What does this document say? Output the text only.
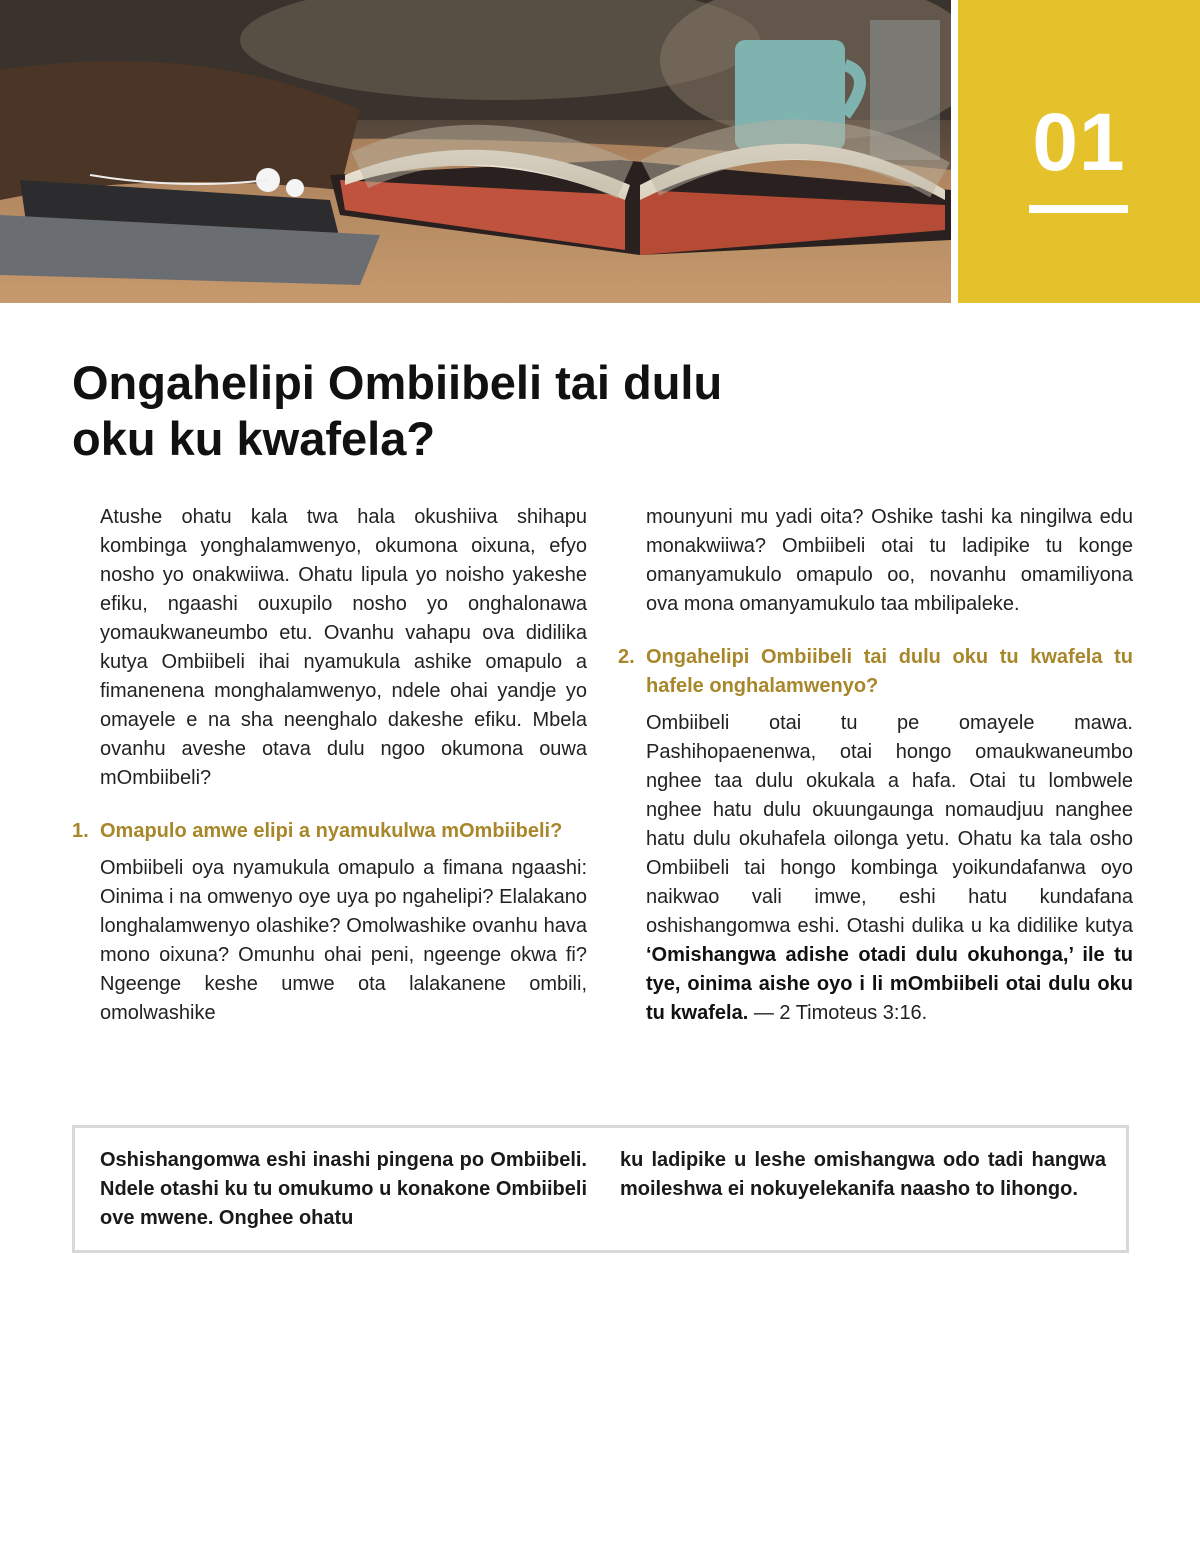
01
Ongahelipi Ombiibeli tai dulu oku ku kwafela?

Atushe ohatu kala twa hala okushiiva shihapu kombinga yonghalamwenyo, okumona oixuna, efyo nosho yo onakwiiwa. Ohatu lipula yo noisho yakeshe efiku, ngaashi ouxupilo nosho yo onghalonawa yomaukwaneumbo etu. Ovanhu vahapu ova didilika kutya Ombiibeli ihai nyamukula ashike omapulo a fimanenena monghalamwenyo, ndele ohai yandje yo omayele e na sha neenghalo dakeshe efiku. Mbela ovanhu aveshe otava dulu ngoo okumona ouwa mOmbiibeli?

1. Omapulo amwe elipi a nyamukulwa mOmbiibeli?

Ombiibeli oya nyamukula omapulo a fimana ngaashi: Oinima i na omwenyo oye uya po ngahelipi? Elalakano longhalamwenyo olashike? Omolwashike ovanhu hava mono oixuna? Omunhu ohai peni, ngeenge okwa fi? Ngeenge keshe umwe ota lalakanene ombili, omolwashike

mounyuni mu yadi oita? Oshike tashi ka ningilwa edu monakwiiwa? Ombiibeli otai tu ladipike tu konge omanyamukulo omapulo oo, novanhu omamiliyona ova mona omanyamukulo taa mbilipaleke.

2. Ongahelipi Ombiibeli tai dulu oku tu kwafela tu hafele onghalamwenyo?

Ombiibeli otai tu pe omayele mawa. Pashihopaenenwa, otai hongo omaukwaneumbo nghee taa dulu okukala a hafa. Otai tu lombwele nghee hatu dulu okuungaunga nomaudjuu nanghee hatu dulu okuhafela oilonga yetu. Ohatu ka tala osho Ombiibeli tai hongo kombinga yoikundafanwa oyo naikwao vali imwe, eshi hatu kundafana oshishangomwa eshi. Otashi dulika u ka didilike kutya ‘Omishangwa adishe otadi dulu okuhonga,’ ile tu tye, oinima aishe oyo i li mOmbiibeli otai dulu oku tu kwafela. — 2 Timoteus 3:16.

Oshishangomwa eshi inashi pingena po Ombiibeli. Ndele otashi ku tu omukumo u konakone Ombiibeli ove mwene. Onghee ohatu
ku ladipike u leshe omishangwa odo tadi hangwa moileshwa ei nokuyelekanifa naasho to lihongo.
